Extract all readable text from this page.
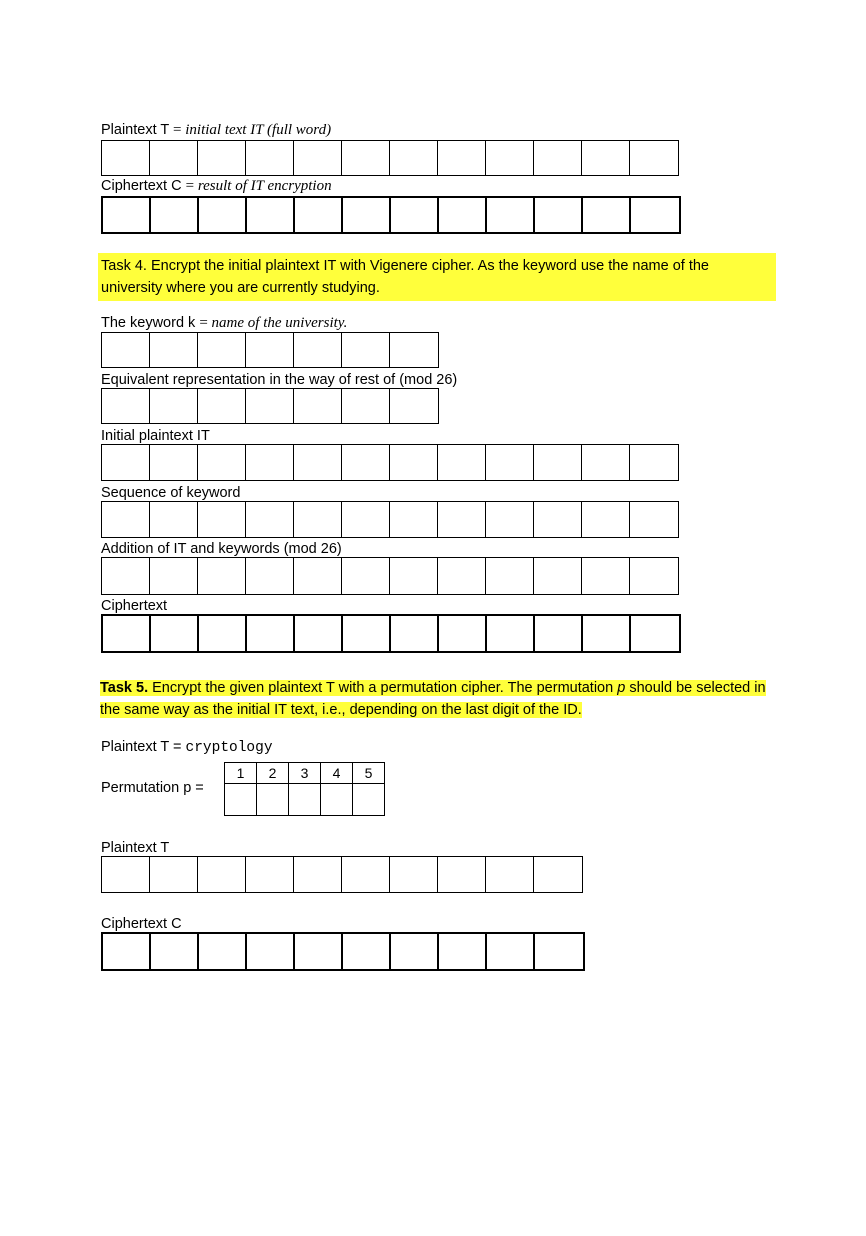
Plaintext T = initial text IT (full word)
Ciphertext C = result of IT encryption
Task 4. Encrypt the initial plaintext IT with Vigenere cipher. As the keyword use the name of the university where you are currently studying.
The keyword k = name of the university.
Equivalent representation in the way of rest of (mod 26)
Initial plaintext IT
Sequence of keyword
Addition of IT and keywords (mod 26)
Ciphertext
Task 5. Encrypt the given plaintext T with a permutation cipher. The permutation p should be selected in
the same way as the initial IT text, i.e., depending on the last digit of the ID.
Plaintext T = cryptology
Permutation p =
1	2	3	4	5

Plaintext T
Ciphertext C
